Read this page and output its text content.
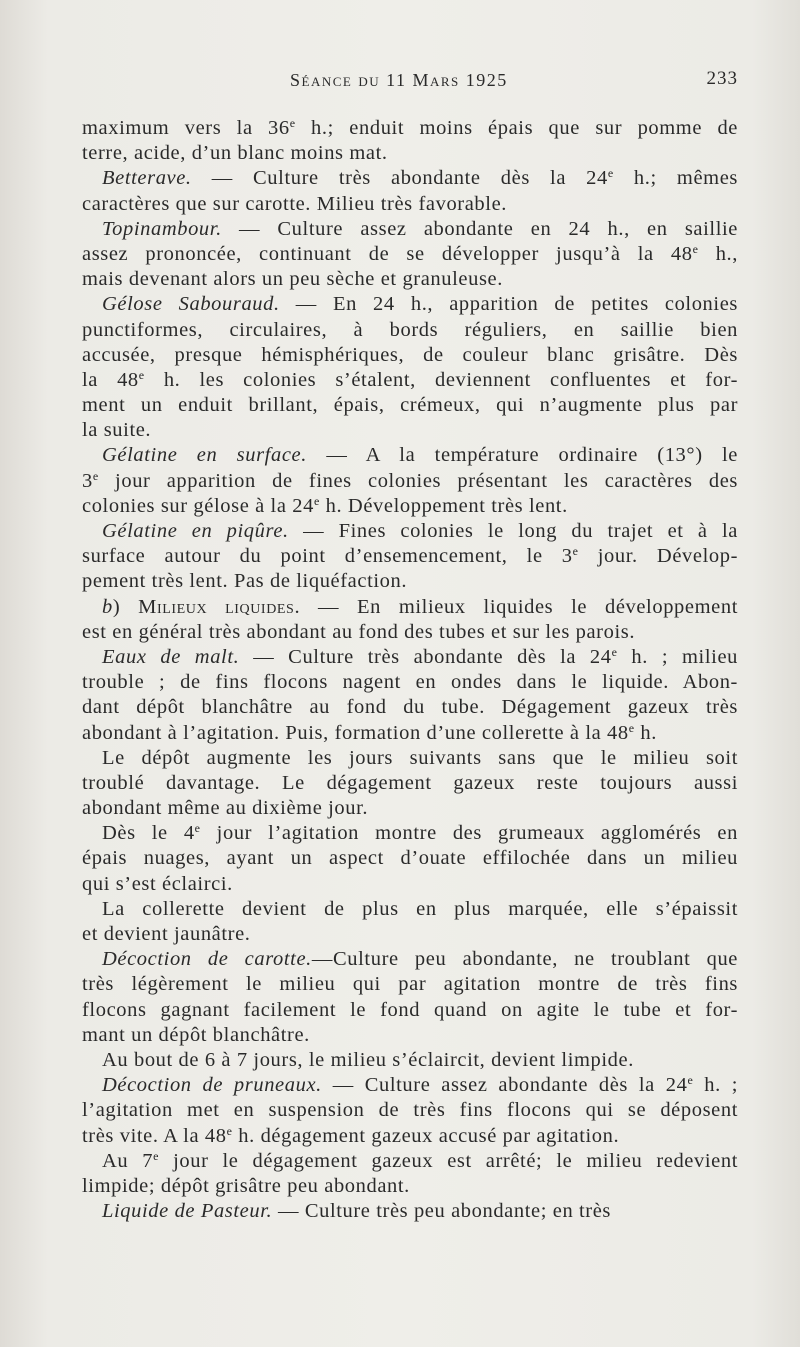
Séance du 11 Mars 1925	233
maximum vers la 36e h.; enduit moins épais que sur pomme de
terre, acide, d’un blanc moins mat.
Betterave. — Culture très abondante dès la 24e h.; mêmes
caractères que sur carotte. Milieu très favorable.
Topinambour. — Culture assez abondante en 24 h., en saillie
assez prononcée, continuant de se développer jusqu’à la 48e h.,
mais devenant alors un peu sèche et granuleuse.
Gélose Sabouraud. — En 24 h., apparition de petites colonies
punctiformes, circulaires, à bords réguliers, en saillie bien
accusée, presque hémisphériques, de couleur blanc grisâtre. Dès
la 48e h. les colonies s’étalent, deviennent confluentes et for-
ment un enduit brillant, épais, crémeux, qui n’augmente plus par
la suite.
Gélatine en surface. — A la température ordinaire (13°) le
3e jour apparition de fines colonies présentant les caractères des
colonies sur gélose à la 24e h. Développement très lent.
Gélatine en piqûre. — Fines colonies le long du trajet et à la
surface autour du point d’ensemencement, le 3e jour. Dévelop-
pement très lent. Pas de liquéfaction.
b) Milieux liquides. — En milieux liquides le développement
est en général très abondant au fond des tubes et sur les parois.
Eaux de malt. — Culture très abondante dès la 24e h. ; milieu
trouble ; de fins flocons nagent en ondes dans le liquide. Abon-
dant dépôt blanchâtre au fond du tube. Dégagement gazeux très
abondant à l’agitation. Puis, formation d’une collerette à la 48e h.
Le dépôt augmente les jours suivants sans que le milieu soit
troublé davantage. Le dégagement gazeux reste toujours aussi
abondant même au dixième jour.
Dès le 4e jour l’agitation montre des grumeaux agglomérés en
épais nuages, ayant un aspect d’ouate effilochée dans un milieu
qui s’est éclairci.
La collerette devient de plus en plus marquée, elle s’épaissit
et devient jaunâtre.
Décoction de carotte.—Culture peu abondante, ne troublant que
très légèrement le milieu qui par agitation montre de très fins
flocons gagnant facilement le fond quand on agite le tube et for-
mant un dépôt blanchâtre.
Au bout de 6 à 7 jours, le milieu s’éclaircit, devient limpide.
Décoction de pruneaux. — Culture assez abondante dès la 24e h. ;
l’agitation met en suspension de très fins flocons qui se déposent
très vite. A la 48e h. dégagement gazeux accusé par agitation.
Au 7e jour le dégagement gazeux est arrêté; le milieu redevient
limpide; dépôt grisâtre peu abondant.
Liquide de Pasteur. — Culture très peu abondante; en très
